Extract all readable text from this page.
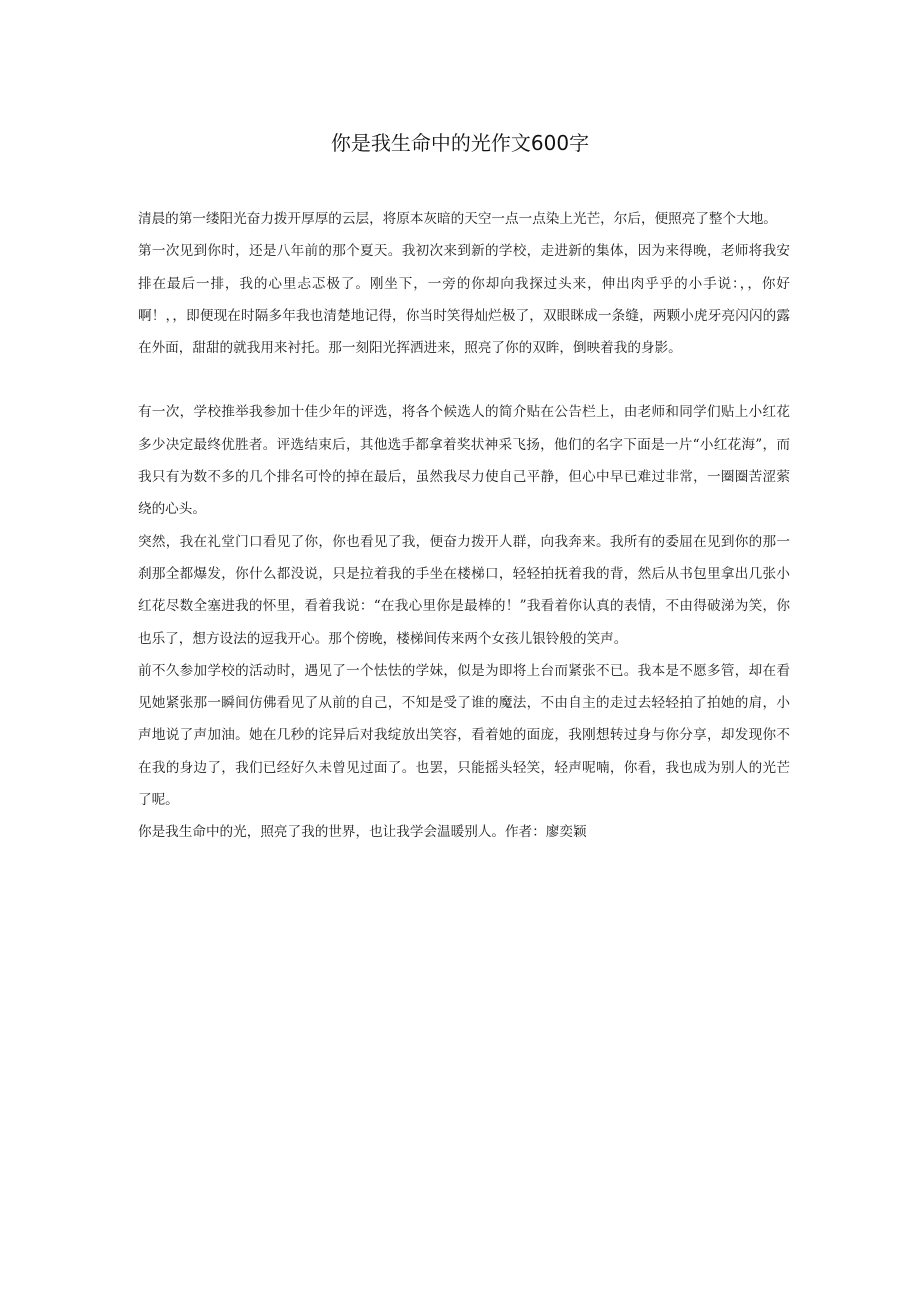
你是我生命中的光作文600字

清晨的第一缕阳光奋力拨开厚厚的云层，将原本灰暗的天空一点一点染上光芒，尔后，便照亮了整个大地。

第一次见到你时，还是八年前的那个夏天。我初次来到新的学校，走进新的集体，因为来得晚，老师将我安排在最后一排，我的心里忐忑极了。刚坐下，一旁的你却向我探过头来，伸出肉乎乎的小手说：，，你好啊！，，即便现在时隔多年我也清楚地记得，你当时笑得灿烂极了，双眼眯成一条缝，两颗小虎牙亮闪闪的露在外面，甜甜的就我用来衬托。那一刻阳光挥洒进来，照亮了你的双眸，倒映着我的身影。

有一次，学校推举我参加十佳少年的评选，将各个候选人的简介贴在公告栏上，由老师和同学们贴上小红花多少决定最终优胜者。评选结束后，其他选手都拿着奖状神采飞扬，他们的名字下面是一片“小红花海”，而我只有为数不多的几个排名可怜的掉在最后，虽然我尽力使自己平静，但心中早已难过非常，一圈圈苦涩萦绕的心头。

突然，我在礼堂门口看见了你，你也看见了我，便奋力拨开人群，向我奔来。我所有的委屈在见到你的那一刹那全都爆发，你什么都没说，只是拉着我的手坐在楼梯口，轻轻拍抚着我的背，然后从书包里拿出几张小红花尽数全塞进我的怀里，看着我说：“在我心里你是最棒的！”我看着你认真的表情，不由得破涕为笑，你也乐了，想方设法的逗我开心。那个傍晚，楼梯间传来两个女孩儿银铃般的笑声。

前不久参加学校的活动时，遇见了一个怯怯的学妹，似是为即将上台而紧张不已。我本是不愿多管，却在看见她紧张那一瞬间仿佛看见了从前的自己，不知是受了谁的魔法，不由自主的走过去轻轻拍了拍她的肩，小声地说了声加油。她在几秒的诧异后对我绽放出笑容，看着她的面庞，我刚想转过身与你分享，却发现你不在我的身边了，我们已经好久未曾见过面了。也罢，只能摇头轻笑，轻声呢喃，你看，我也成为别人的光芒了呢。

你是我生命中的光，照亮了我的世界，也让我学会温暖别人。作者：廖奕颖
